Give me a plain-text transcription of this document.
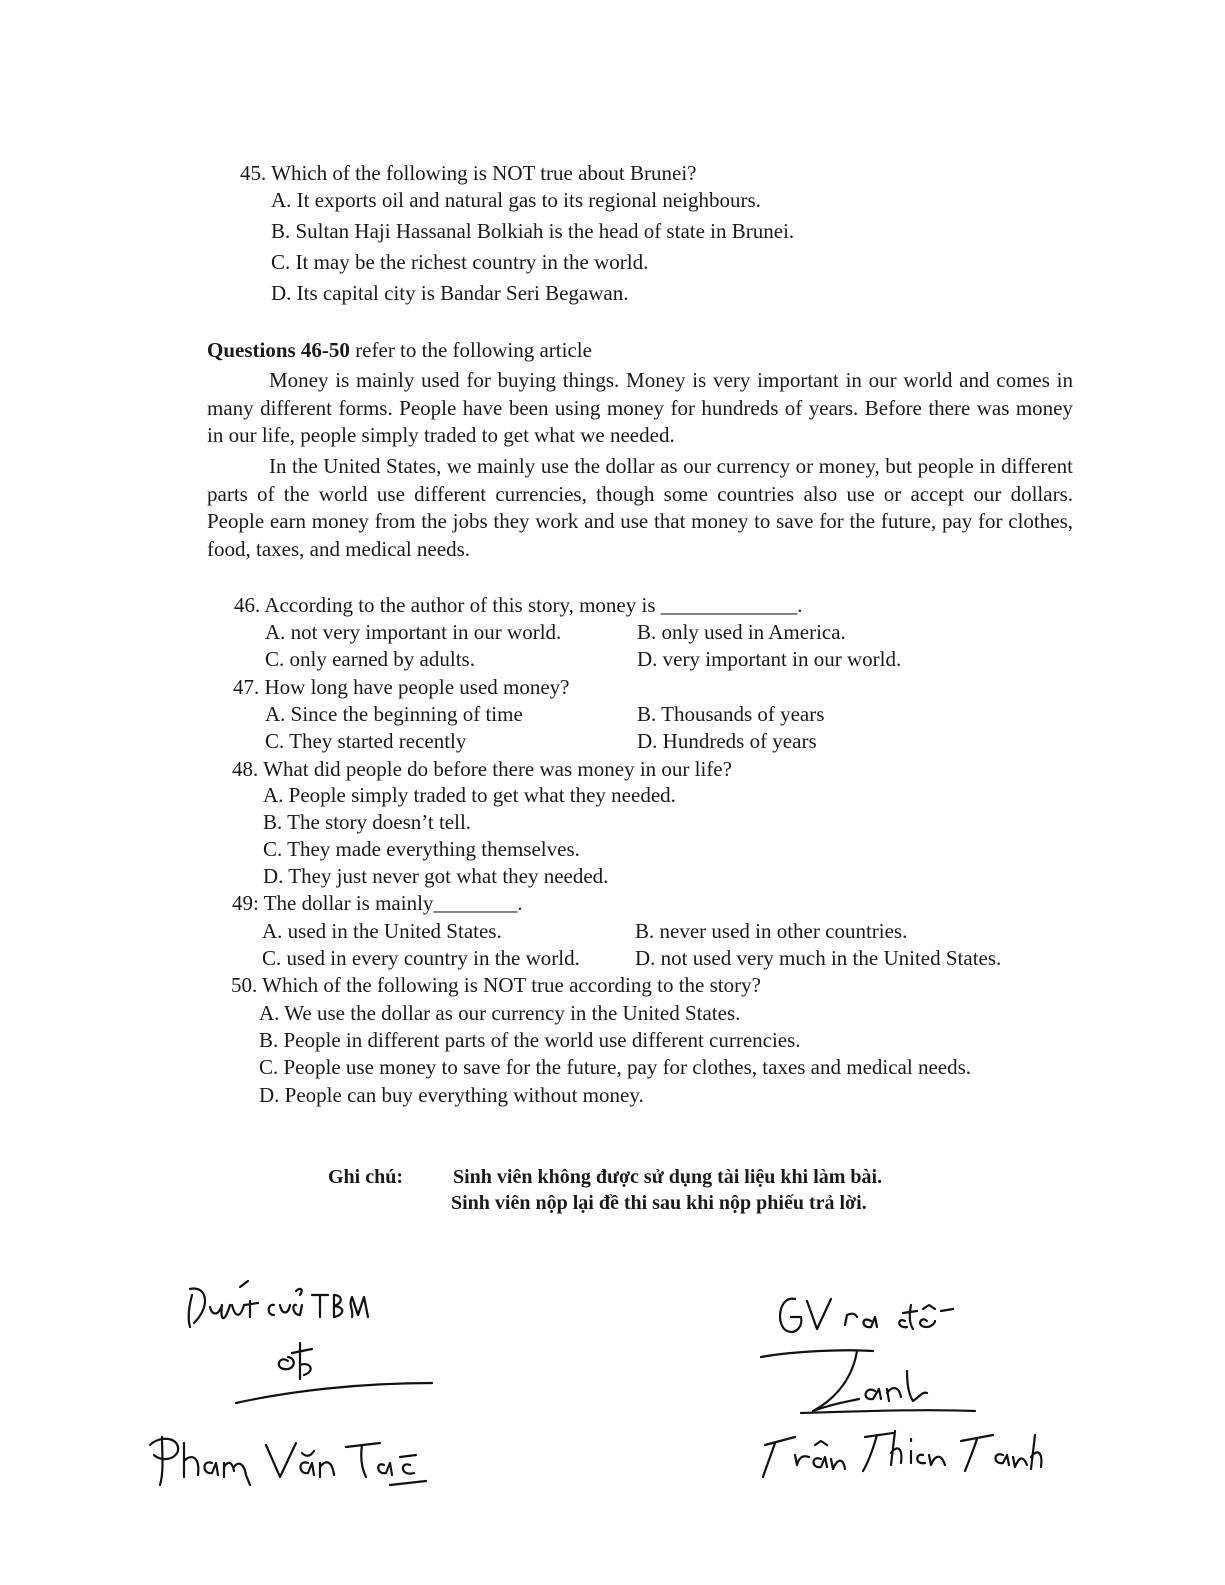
45. Which of the following is NOT true about Brunei?
A. It exports oil and natural gas to its regional neighbours.
B. Sultan Haji Hassanal Bolkiah is the head of state in Brunei.
C. It may be the richest country in the world.
D. Its capital city is Bandar Seri Begawan.
Questions 46-50 refer to the following article
Money is mainly used for buying things. Money is very important in our world and comes in many different forms. People have been using money for hundreds of years. Before there was money in our life, people simply traded to get what we needed.
In the United States, we mainly use the dollar as our currency or money, but people in different parts of the world use different currencies, though some countries also use or accept our dollars. People earn money from the jobs they work and use that money to save for the future, pay for clothes, food, taxes, and medical needs.
46. According to the author of this story, money is _____________.
A. not very important in our world.	B. only used in America.
C. only earned by adults.	D. very important in our world.
47. How long have people used money?
A. Since the beginning of time	B. Thousands of years
C. They started recently	D. Hundreds of years
48. What did people do before there was money in our life?
A. People simply traded to get what they needed.
B. The story doesn’t tell.
C. They made everything themselves.
D. They just never got what they needed.
49: The dollar is mainly________.
A. used in the United States.	B. never used in other countries.
C. used in every country in the world.	D. not used very much in the United States.
50. Which of the following is NOT true according to the story?
A. We use the dollar as our currency in the United States.
B. People in different parts of the world use different currencies.
C. People use money to save for the future, pay for clothes, taxes and medical needs.
D. People can buy everything without money.
Ghi chú: Sinh viên không được sử dụng tài liệu khi làm bài.
Sinh viên nộp lại đề thi sau khi nộp phiếu trả lời.
